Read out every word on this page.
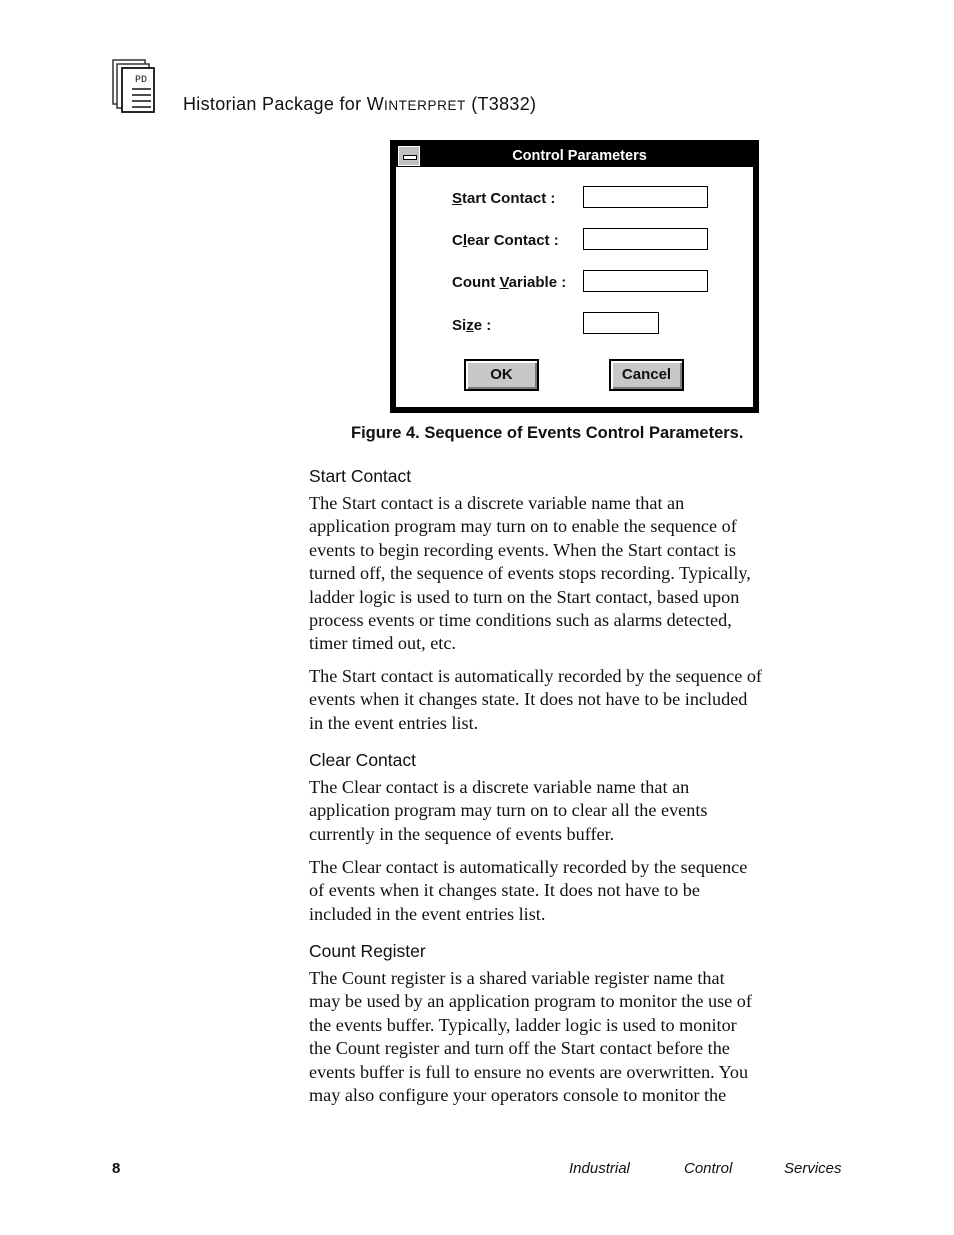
PD
Historian Package for WINTERPRET (T3832)
Control Parameters
Start Contact :
Clear Contact :
Count Variable :
Size :
OK	Cancel
Figure 4. Sequence of Events Control Parameters.
Start Contact
The Start contact is a discrete variable name that an
application program may turn on to enable the sequence of
events to begin recording events. When the Start contact is
turned off, the sequence of events stops recording. Typically,
ladder logic is used to turn on the Start contact, based upon
process events or time conditions such as alarms detected,
timer timed out, etc.
The Start contact is automatically recorded by the sequence of
events when it changes state. It does not have to be included
in the event entries list.
Clear Contact
The Clear contact is a discrete variable name that an
application program may turn on to clear all the events
currently in the sequence of events buffer.
The Clear contact is automatically recorded by the sequence
of events when it changes state. It does not have to be
included in the event entries list.
Count Register
The Count register is a shared variable register name that
may be used by an application program to monitor the use of
the events buffer. Typically, ladder logic is used to monitor
the Count register and turn off the Start contact before the
events buffer is full to ensure no events are overwritten. You
may also configure your operators console to monitor the
8	Industrial	Control	Services
